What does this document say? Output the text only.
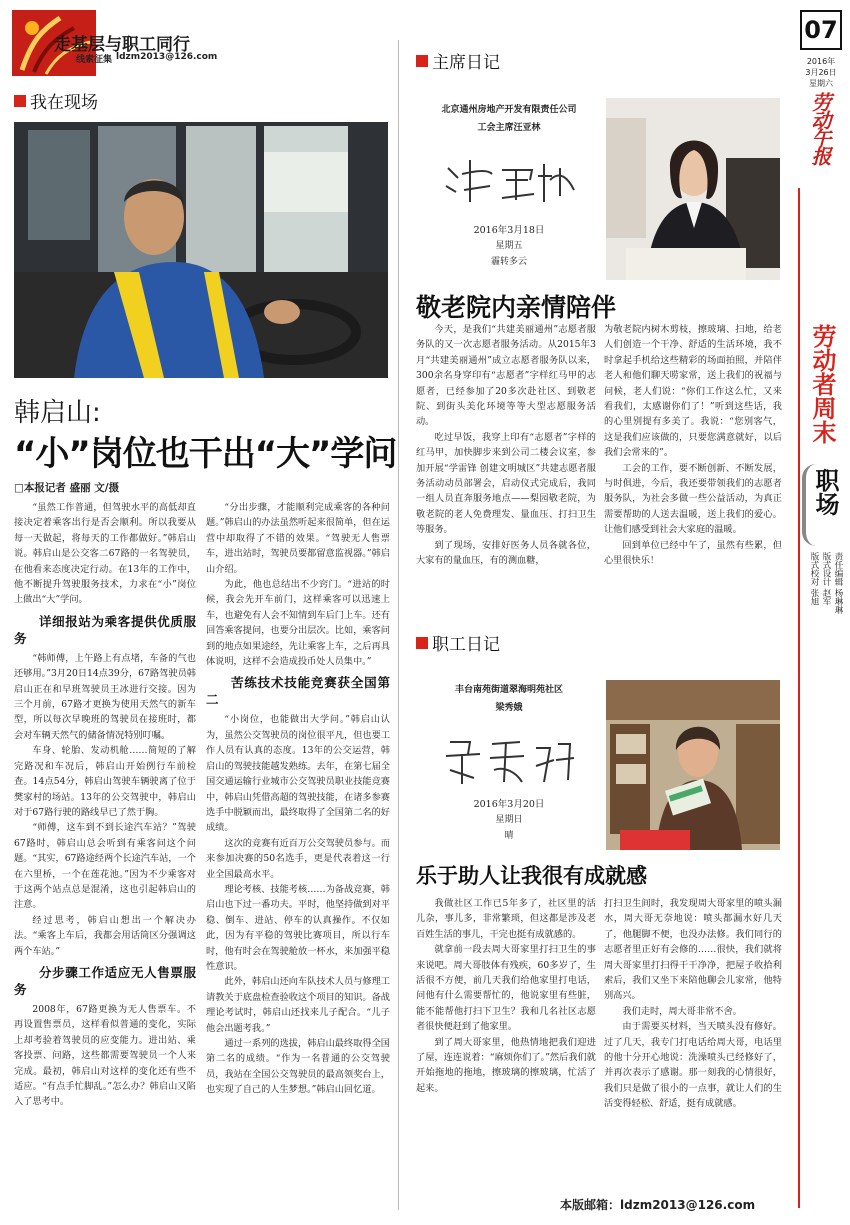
走基层与职工同行
线索征集 ldzm2013@126.com
07
2016年
3月26日
星期六
劳动午报
劳动者周末
职场
责任编辑 杨琳琳
版式设计 赵军
版式校对 张旭
我在现场
韩启山:
“小”岗位也干出“大”学问
□本报记者 盛丽 文/摄

“虽然工作普通，但驾驶水平的高低却直接决定着乘客出行是否会顺利。所以我要从每一天做起，将每天的工作都做好。”韩启山说。韩启山是公交客二67路的一名驾驶员，在他看来态度决定行动。在13年的工作中，他不断提升驾驶服务技术，力求在“小”岗位上做出“大”学问。

详细报站为乘客提供优质服务

“韩师傅，上午路上有点堵，车备的气也还够用。”3月20日14点39分，67路驾驶员韩启山正在和早班驾驶员王冰进行交接。因为三个月前，67路才更换为使用天然气的新车型，所以每次早晚班的驾驶员在接班时，都会对车辆天然气的储备情况特别叮嘱。

车身、轮胎、发动机舱……简短的了解完路况和车况后，韩启山开始例行车前检查。14点54分，韩启山驾驶车辆驶离了位于樊家村的场站。13年的公交驾驶中，韩启山对于67路行驶的路线早已了然于胸。

“师傅，这车到不到长途汽车站？”驾驶67路时，韩启山总会听到有乘客问这个问题。“其实，67路途经两个长途汽车站，一个在六里桥，一个在莲花池。”因为不少乘客对于这两个站点总是混淆，这也引起韩启山的注意。

经过思考，韩启山想出一个解决办法。“乘客上车后，我都会用话筒区分强调这两个车站。”

分步骤工作适应无人售票服务

2008年，67路更换为无人售票车。不再设置售票员，这样看似普通的变化，实际上却考验着驾驶员的应变能力。进出站、乘客投票、问路，这些都需要驾驶员一个人来完成。最初，韩启山对这样的变化还有些不适应。“有点手忙脚乱。”怎么办？韩启山又陷入了思考中。

“分出步骤，才能顺利完成乘客的各种问题。”韩启山的办法虽然听起来很简单，但在运营中却取得了不错的效果。“驾驶无人售票车，进出站时，驾驶员要都留意监视器。”韩启山介绍。

为此，他也总结出不少窍门。“进站的时候，我会先开车前门，这样乘客可以迅速上车，也避免有人会不知情到车后门上车。还有回答乘客提问，也要分出层次。比如，乘客问到的地点如果途经，先让乘客上车，之后再具体说明，这样不会造成投币处人员集中。”

苦练技术技能竞赛获全国第二

“小岗位，也能做出大学问。”韩启山认为，虽然公交驾驶员的岗位很平凡，但也要工作人员有认真的态度。13年的公交运营，韩启山的驾驶技能越发熟练。去年，在第七届全国交通运输行业城市公交驾驶员职业技能竞赛中，韩启山凭借高超的驾驶技能，在诸多参赛选手中脱颖而出，最终取得了全国第二名的好成绩。

这次的竞赛有近百万公交驾驶员参与。而来参加决赛的50名选手，更是代表着这一行业全国最高水平。

理论考核、技能考核……为备战竞赛，韩启山也下过一番功夫。平时，他坚持做到对平稳、倒车、进站、停车的认真操作。不仅如此，因为有平稳的驾驶比赛项目，所以行车时，他有时会在驾驶舱放一杯水，来加强平稳性意识。

此外，韩启山还向车队技术人员与修理工请教关于底盘检查验收这个项目的知识。备战理论考试时，韩启山还找来儿子配合。“儿子他会出题考我。”

通过一系列的选拔，韩启山最终取得全国第二名的成绩。“作为一名普通的公交驾驶员，我站在全国公交驾驶员的最高领奖台上，也实现了自己的人生梦想。”韩启山回忆道。

主席日记
北京通州房地产开发有限责任公司
工会主席汪亚林
2016年3月18日
星期五
霾转多云
敬老院内亲情陪伴

今天，是我们“共建美丽通州”志愿者服务队的又一次志愿者服务活动。从2015年3月“共建美丽通州”成立志愿者服务队以来，300余名身穿印有“志愿者”字样红马甲的志愿者，已经参加了20多次赴社区、到敬老院、到街头美化环境等等大型志愿服务活动。

吃过早饭，我穿上印有“志愿者”字样的红马甲，加快脚步来到公司二楼会议室，参加开展“学雷锋 创建文明城区”共建志愿者服务活动动员部署会，启动仪式完成后，我同一组人员直奔服务地点——梨园敬老院，为敬老院的老人免费理发、量血压、打扫卫生等服务。

到了现场，安排好医务人员各就各位，大家有的量血压，有的测血糖，

为敬老院内树木剪枝，擦玻璃、扫地，给老人们创造一个干净、舒适的生活环境，我不时拿起手机给这些精彩的场面拍照，并陪伴老人和他们聊天唠家常，送上我们的祝福与问候，老人们说：“你们工作这么忙，又来看我们，太感谢你们了！”听到这些话，我的心里别提有多美了。我说：“您别客气，这是我们应该做的，只要您满意就好，以后我们会常来的”。

工会的工作，要不断创新、不断发展，与时俱进，今后，我还要带领我们的志愿者服务队，为社会多做一些公益活动，为真正需要帮助的人送去温暖，送上我们的爱心。让他们感受到社会大家庭的温暖。

回到单位已经中午了，虽然有些累，但心里很快乐！

职工日记
丰台南苑街道翠海明苑社区
梁秀娥
2016年3月20日
星期日
晴
乐于助人让我很有成就感

我做社区工作已5年多了，社区里的活儿杂，事儿多，非常繁琐，但这都是涉及老百姓生活的事儿，干完也挺有成就感的。

就拿前一段去周大哥家里打扫卫生的事来说吧。周大哥肢体有残疾，60多岁了，生活很不方便，前几天我们给他家里打电话，问他有什么需要帮忙的，他说家里有些脏，能不能帮他打扫下卫生？我和几名社区志愿者很快便赶到了他家里。

到了周大哥家里，他热情地把我们迎进了屋，连连说着：“麻烦你们了。”然后我们就开始拖地的拖地，擦玻璃的擦玻璃，忙活了起来。

打扫卫生间时，我发现周大哥家里的喷头漏水，周大哥无奈地说：喷头都漏水好几天了，他腿脚不便，也没办法修。我们同行的志愿者里正好有会修的……很快，我们就将周大哥家里打扫得干干净净，把屋子收拾利索后，我们又坐下来陪他聊会儿家常，他特别高兴。

我们走时，周大哥非常不舍。

由于需要买材料，当天喷头没有修好。过了几天，我专门打电话给周大哥，电话里的他十分开心地说：洗澡喷头已经修好了，并再次表示了感谢。那一刻我的心情很好，我们只是做了很小的一点事，就让人们的生活变得轻松、舒适，挺有成就感。

本版邮箱：ldzm2013@126.com
